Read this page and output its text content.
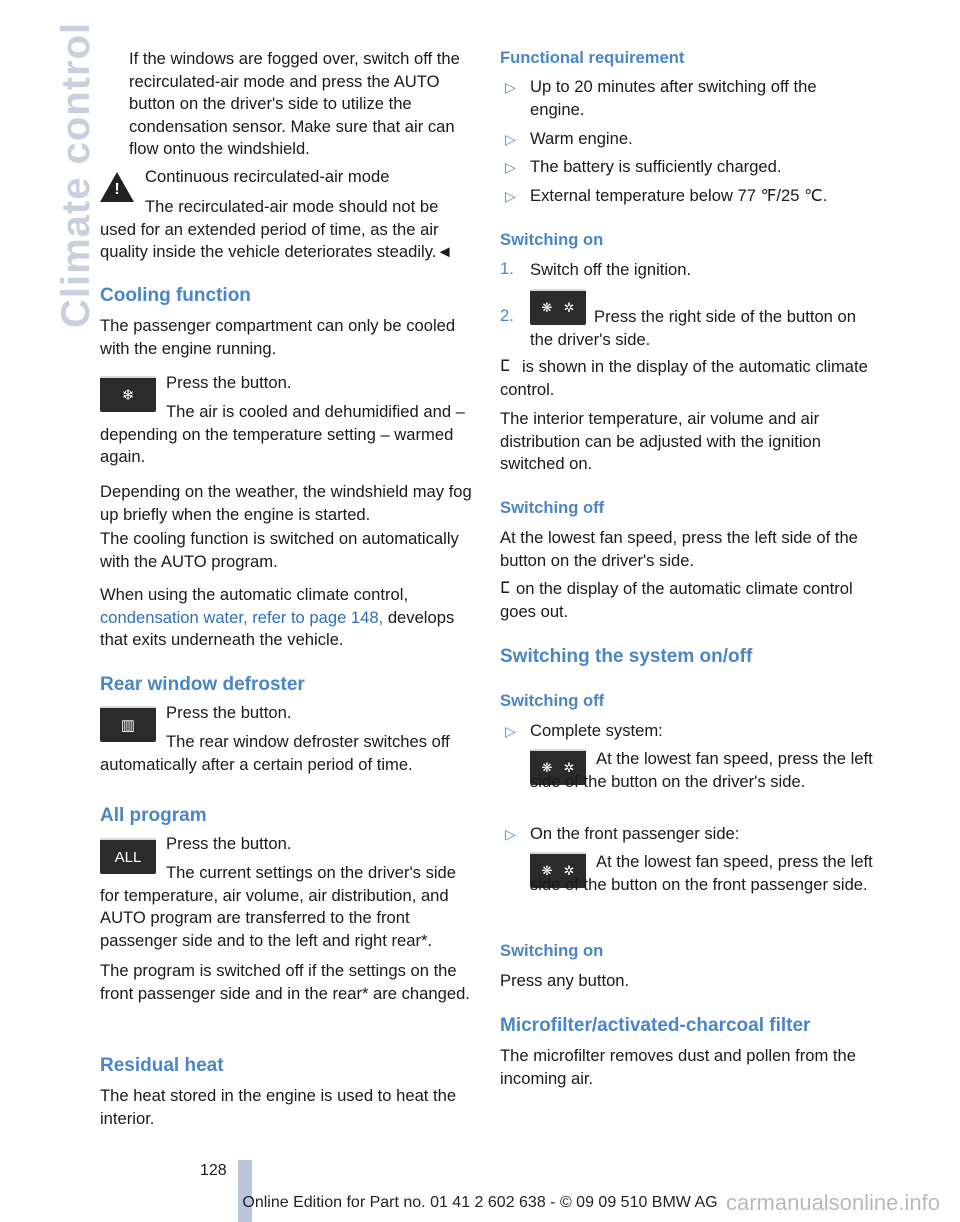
Climate control If the windows are fogged over, switch off the recirculated-air mode and press the AUTO button on the driver's side to utilize the condensation sensor. Make sure that air can flow onto the windshield.

!

Continuous recirculated-air mode

The recirculated-air mode should not be used for an extended period of time, as the air quality inside the vehicle deteriorates steadily.◄

Cooling function

The passenger compartment can only be cooled with the engine running.

❄

Press the button.

The air is cooled and dehumidified and – depending on the temperature setting – warmed again.

Depending on the weather, the windshield may fog up briefly when the engine is started.

The cooling function is switched on automatically with the AUTO program.

When using the automatic climate control, condensation water, refer to page 148, develops that exits underneath the vehicle.

Rear window defroster
▥

Press the button.

The rear window defroster switches off automatically after a certain period of time.

All program
ALL

Press the button.

The current settings on the driver's side for temperature, air volume, air distribution, and AUTO program are transferred to the front passenger side and to the left and right rear*.

The program is switched off if the settings on the front passenger side and in the rear* are changed.

Residual heat

The heat stored in the engine is used to heat the interior.

Functional requirement
▷ Up to 20 minutes after switching off the engine.

▷ Warm engine.

▷ The battery is sufficiently charged.

▷ External temperature below 77 ℉/25 ℃.

Switching on
1. Switch off the ignition.

2. ❋ ✲	Press the right side of the button on the driver's side.

ⵎ is shown in the display of the automatic climate control.

The interior temperature, air volume and air distribution can be adjusted with the ignition switched on.

Switching off

At the lowest fan speed, press the left side of the button on the driver's side.

ⵎ on the display of the automatic climate control goes out.

Switching the system on/off
Switching off
▷ Complete system:

❋ ✲	At the lowest fan speed, press the left side of the button on the driver's side.

▷ On the front passenger side:

❋ ✲	At the lowest fan speed, press the left side of the button on the front passenger side.

Switching on

Press any button.

Microfilter/activated-charcoal filter

The microfilter removes dust and pollen from the incoming air.

128
Online Edition for Part no. 01 41 2 602 638 - © 09 09 510 BMW AG carmanualsonline.info
